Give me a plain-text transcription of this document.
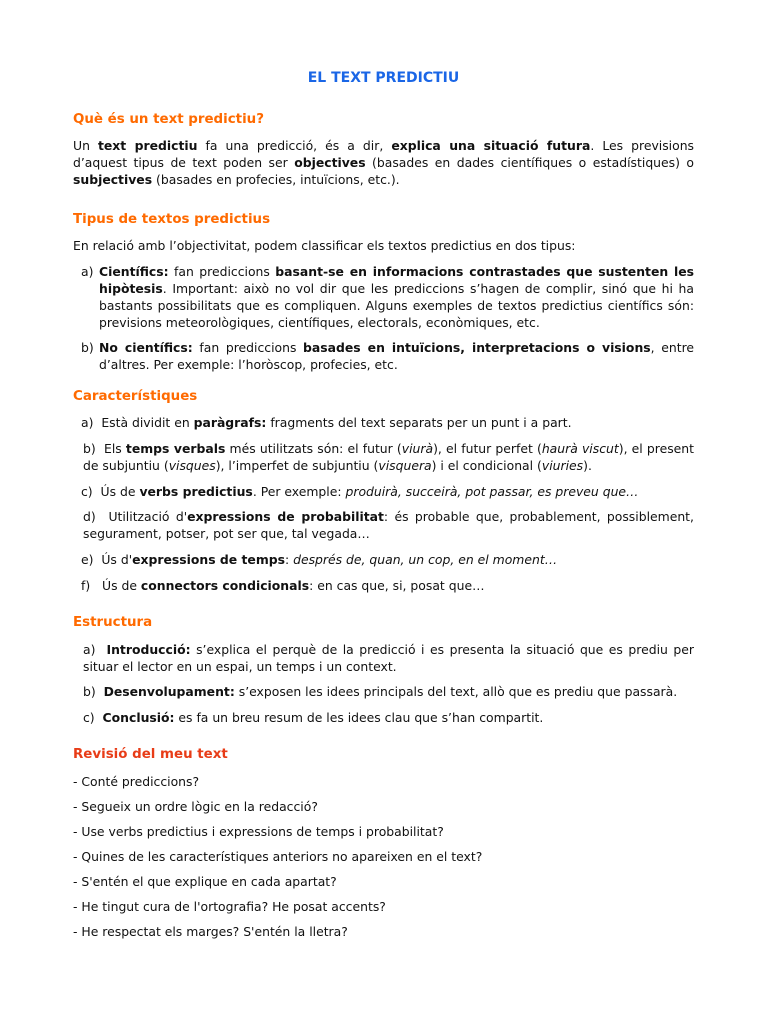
EL TEXT PREDICTIU
Què és un text predictiu?
Un text predictiu fa una predicció, és a dir, explica una situació futura. Les previsions d’aquest tipus de text poden ser objectives (basades en dades científiques o estadístiques) o subjectives (basades en profecies, intuïcions, etc.).
Tipus de textos predictius
En relació amb l’objectivitat, podem classificar els textos predictius en dos tipus:
a) Científics: fan prediccions basant-se en informacions contrastades que sustenten les hipòtesis. Important: això no vol dir que les prediccions s’hagen de complir, sinó que hi ha bastants possibilitats que es compliquen. Alguns exemples de textos predictius científics són: previsions meteorològiques, científiques, electorals, econòmiques, etc.
b) No científics: fan prediccions basades en intuïcions, interpretacions o visions, entre d’altres. Per exemple: l’horòscop, profecies, etc.
Característiques
a) Està dividit en paràgrafs: fragments del text separats per un punt i a part.
b) Els temps verbals més utilitzats són: el futur (viurà), el futur perfet (haurà viscut), el present de subjuntiu (visques), l’imperfet de subjuntiu (visquera) i el condicional (viuries).
c) Ús de verbs predictius. Per exemple: produirà, succeirà, pot passar, es preveu que…
d) Utilització d'expressions de probabilitat: és probable que, probablement, possiblement, segurament, potser, pot ser que, tal vegada…
e) Ús d'expressions de temps: després de, quan, un cop, en el moment…
f) Ús de connectors condicionals: en cas que, si, posat que…
Estructura
a) Introducció: s’explica el perquè de la predicció i es presenta la situació que es prediu per situar el lector en un espai, un temps i un context.
b) Desenvolupament: s’exposen les idees principals del text, allò que es prediu que passarà.
c) Conclusió: es fa un breu resum de les idees clau que s’han compartit.
Revisió del meu text
- Conté prediccions?
- Segueix un ordre lògic en la redacció?
- Use verbs predictius i expressions de temps i probabilitat?
- Quines de les característiques anteriors no apareixen en el text?
- S'entén el que explique en cada apartat?
- He tingut cura de l'ortografia? He posat accents?
- He respectat els marges? S'entén la lletra?
